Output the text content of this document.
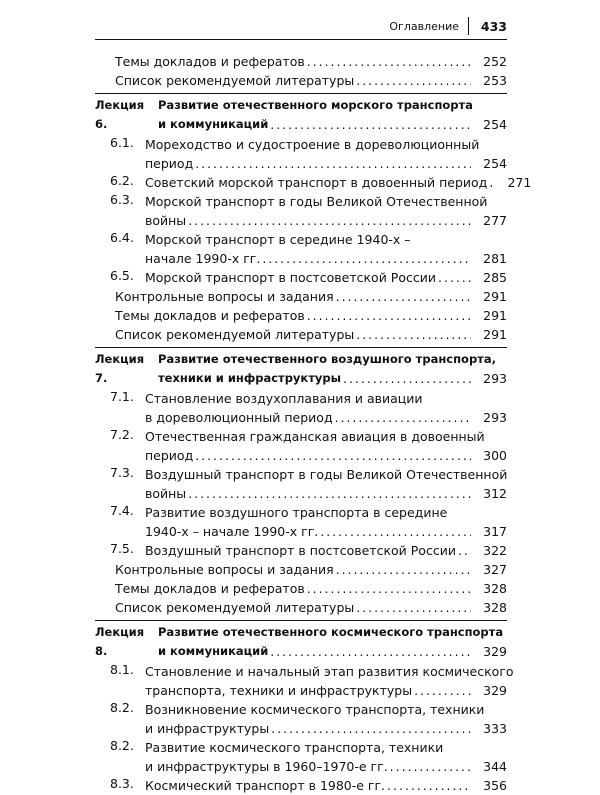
Оглавление 433
Темы докладов и рефератов . . .	252
Список рекомендуемой литературы . . .	253
Лекция 6.
Развитие отечественного морского транспорта
и коммуникаций . . .	254
6.1. Мореходство и судостроение в дореволюционный
период . . .	254
6.2. Советский морской транспорт в довоенный период . . .	271
6.3. Морской транспорт в годы Великой Отечественной
войны . . .	277
6.4. Морской транспорт в середине 1940-х –
начале 1990-х гг. . . .	281
6.5. Морской транспорт в постсоветской России . . .	285
Контрольные вопросы и задания . . .	291
Темы докладов и рефератов . . .	291
Список рекомендуемой литературы . . .	291
Лекция 7.
Развитие отечественного воздушного транспорта,
техники и инфраструктуры . . .	293
7.1. Становление воздухоплавания и авиации
в дореволюционный период . . .	293
7.2. Отечественная гражданская авиация в довоенный
период . . .	300
7.3. Воздушный транспорт в годы Великой Отечественной
войны . . .	312
7.4. Развитие воздушного транспорта в середине
1940-х – начале 1990-х гг. . . .	317
7.5. Воздушный транспорт в постсоветской России . . .	322
Контрольные вопросы и задания . . .	327
Темы докладов и рефератов . . .	328
Список рекомендуемой литературы . . .	328
Лекция 8.
Развитие отечественного космического транспорта
и коммуникаций . . .	329
8.1. Становление и начальный этап развития космического
транспорта, техники и инфраструктуры . . .	329
8.2. Возникновение космического транспорта, техники
и инфраструктуры . . .	333
8.2. Развитие космического транспорта, техники
и инфраструктуры в 1960–1970-е гг. . . .	344
8.3. Космический транспорт в 1980-е гг. . . .	356
